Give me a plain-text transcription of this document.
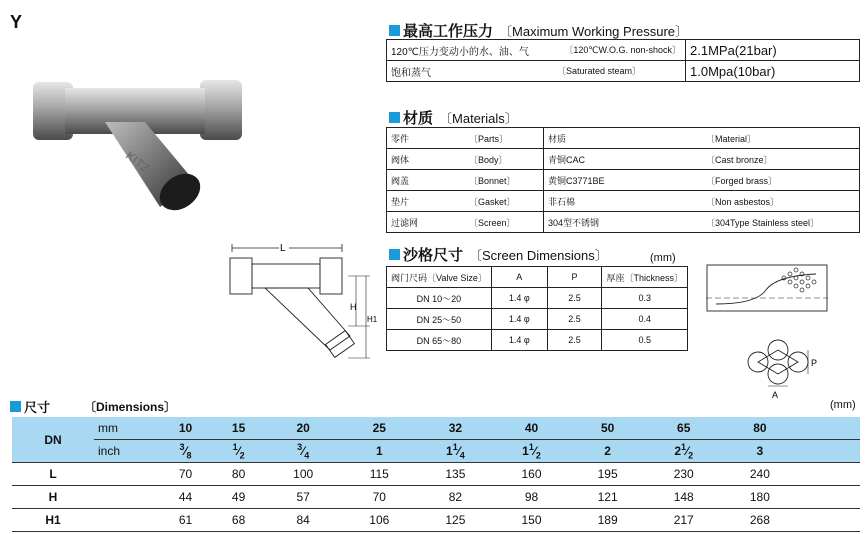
Y
KITZ
L
H
H1
最高工作压力 〔Maximum Working Pressure〕
120℃压力变动小的水、油、气 〔120℃W.O.G. non-shock〕	2.1MPa(21bar)
饱和蒸气 〔Saturated steam〕	1.0Mpa(10bar)
材质 〔Materials〕
零件	〔Parts〕	材质	〔Material〕
阀体	〔Body〕	青铜CAC	〔Cast bronze〕
阀盖	〔Bonnet〕	黄铜C3771BE	〔Forged brass〕
垫片	〔Gasket〕	非石棉	〔Non asbestos〕
过滤网	〔Screen〕	304型不锈钢	〔304Type Stainless steel〕
沙格尺寸 〔Screen Dimensions〕	(mm)
阀门尺码〔Valve Size〕	A	P	厚座〔Thickness〕
DN 10～20	1.4 φ	2.5	0.3
DN 25～50	1.4 φ	2.5	0.4
DN 65～80	1.4 φ	2.5	0.5
P
A
尺寸	〔Dimensions〕	(mm)
DN	mm	10	15	20	25	32	40	50	65	80	
	inch	$^3⁄_8$	$^1⁄_2$	$^3⁄_4$	1	$1^1⁄_4$	$1^1⁄_2$	2	$2^1⁄_2$	3	
L		70	80	100	115	135	160	195	230	240	
H		44	49	57	70	82	98	121	148	180	
H1		61	68	84	106	125	150	189	217	268	
